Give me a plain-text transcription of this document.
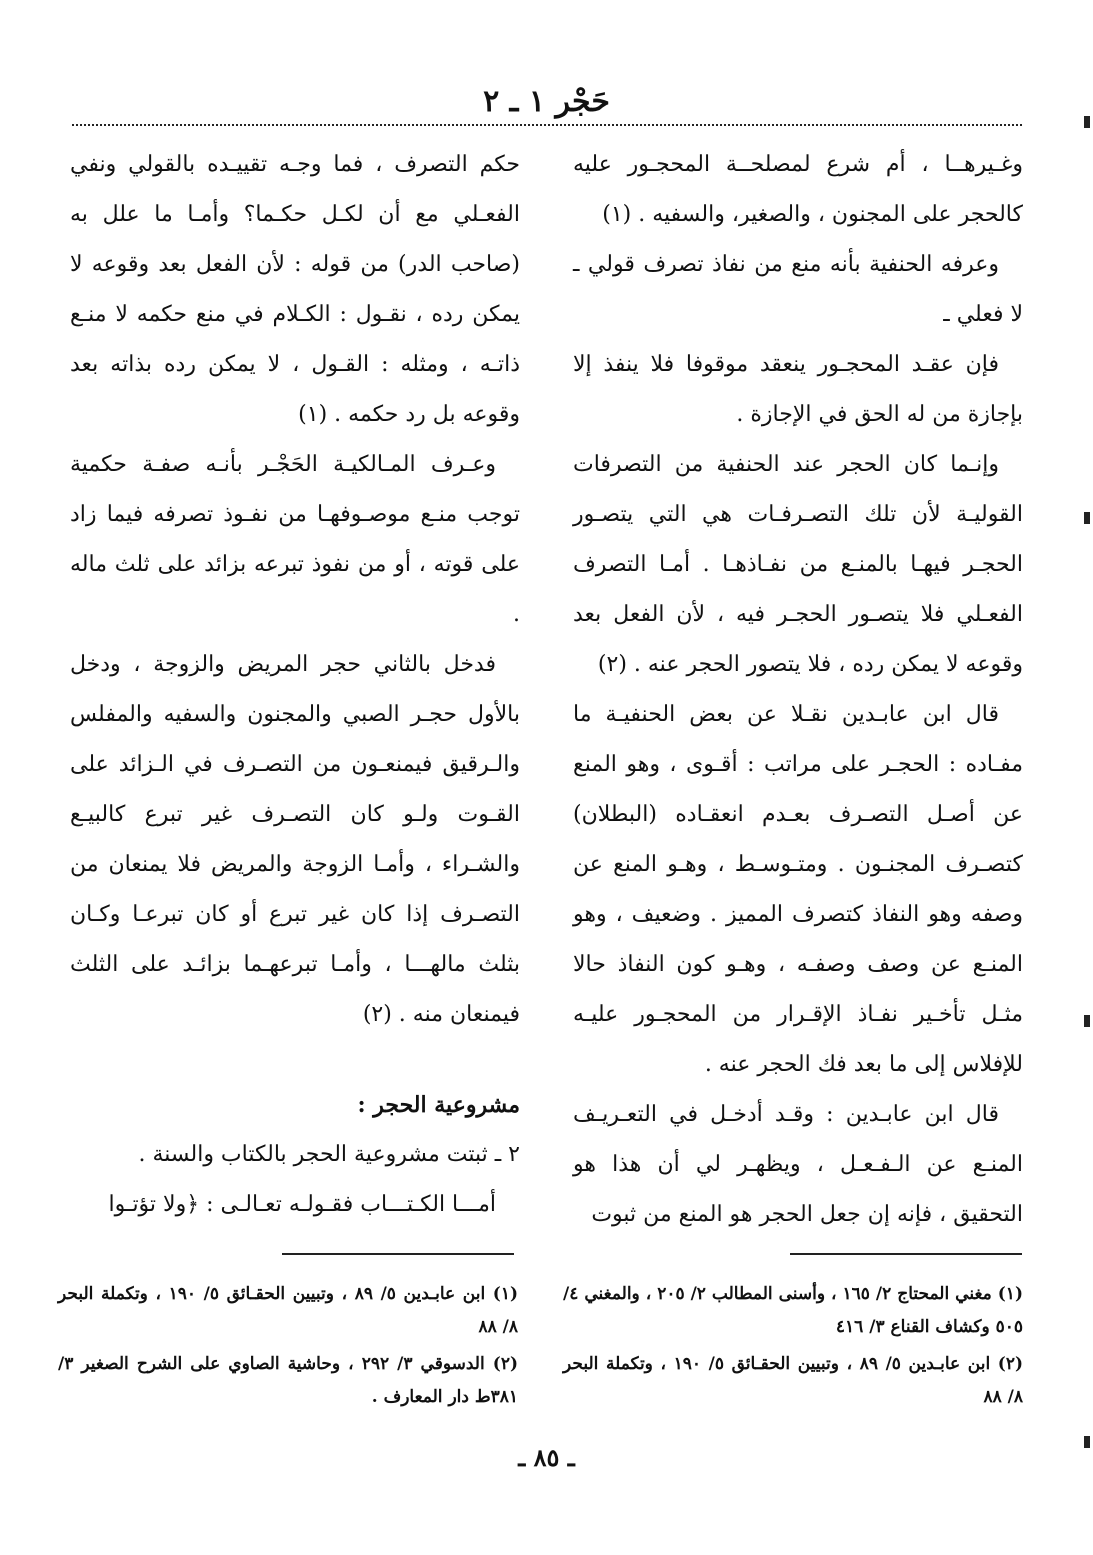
حَجْر ١ ـ ٢

وغـيرهــا ، أم شرع لمصلحــة المحجـور عليه كالحجر على المجنون ، والصغير، والسفيه . (١)

وعرفه الحنفية بأنه منع من نفاذ تصرف قولي ـ لا فعلي ـ

فإن عقـد المحجـور ينعقد موقوفا فلا ينفذ إلا بإجازة من له الحق في الإجازة .

وإنـما كان الحجر عند الحنفية من التصرفات القوليـة لأن تلك التصـرفـات هي التي يتصـور الحجـر فيهـا بالمنـع من نفـاذهـا . أمـا التصرف الفعـلي فلا يتصـور الحجـر فيه ، لأن الفعل بعد وقوعه لا يمكن رده ، فلا يتصور الحجر عنه . (٢)

قال ابن عابـدين نقـلا عن بعض الحنفيـة ما مفـاده : الحجـر على مراتب : أقـوى ، وهو المنع عن أصـل التصـرف بعـدم انعقـاده (البطلان) كتصـرف المجنـون . ومتـوسـط ، وهـو المنع عن وصفه وهو النفاذ كتصرف المميز . وضعيف ، وهو المنـع عن وصف وصفـه ، وهـو كون النفاذ حالا مثـل تأخـير نفـاذ الإقـرار من المحجـور عليـه للإفلاس إلى ما بعد فك الحجر عنه .

قال ابن عابـدين : وقـد أدخـل في التعـريـف المنـع عن الـفـعـل ، ويظهـر لي أن هذا هو التحقيق ، فإنه إن جعل الحجر هو المنع من ثبوت

حكم التصرف ، فما وجـه تقييـده بالقولي ونفي الفعـلي مع أن لكـل حكـما؟ وأمـا ما علل به (صاحب الدر) من قوله : لأن الفعل بعد وقوعه لا يمكن رده ، نقـول : الكـلام في منع حكمه لا منـع ذاتـه ، ومثله : القـول ، لا يمكن رده بذاته بعد وقوعه بل رد حكمه . (١)

وعـرف المـالكيـة الحَجْـر بأنـه صفـة حكمية توجب منـع موصـوفهـا من نفـوذ تصرفه فيما زاد على قوته ، أو من نفوذ تبرعه بزائد على ثلث ماله .

فدخل بالثاني حجر المريض والزوجة ، ودخل بالأول حجـر الصبي والمجنون والسفيه والمفلس والـرقيق فيمنعـون من التصـرف في الـزائد على القـوت ولـو كان التصـرف غير تبرع كالبيـع والشـراء ، وأمـا الزوجة والمريض فلا يمنعان من التصـرف إذا كان غير تبرع أو كان تبرعـا وكـان بثلث مالهـــا ، وأمـا تبرعهـما بزائـد على الثلث فيمنعان منه . (٢)

مشروعية الحجر :

٢ ـ ثبتت مشروعية الحجر بالكتاب والسنة .

أمـــا الكـتـــاب فقـولـه تعـالـى : ﴿ولا تؤتـوا

(١) مغني المحتاج ٢/ ١٦٥ ، وأسنى المطالب ٢/ ٢٠٥ ، والمغني ٤/ ٥٠٥ وكشاف القناع ٣/ ٤١٦

(٢) ابن عابـدين ٥/ ٨٩ ، وتبيين الحقـائق ٥/ ١٩٠ ، وتكملة البحر ٨/ ٨٨

(١) ابن عابـدين ٥/ ٨٩ ، وتبيين الحقـائق ٥/ ١٩٠ ، وتكملة البحر ٨/ ٨٨

(٢) الدسوقي ٣/ ٢٩٢ ، وحاشية الصاوي على الشرح الصغير ٣/ ٣٨١ط دار المعارف .

ـ ٨٥ ـ
